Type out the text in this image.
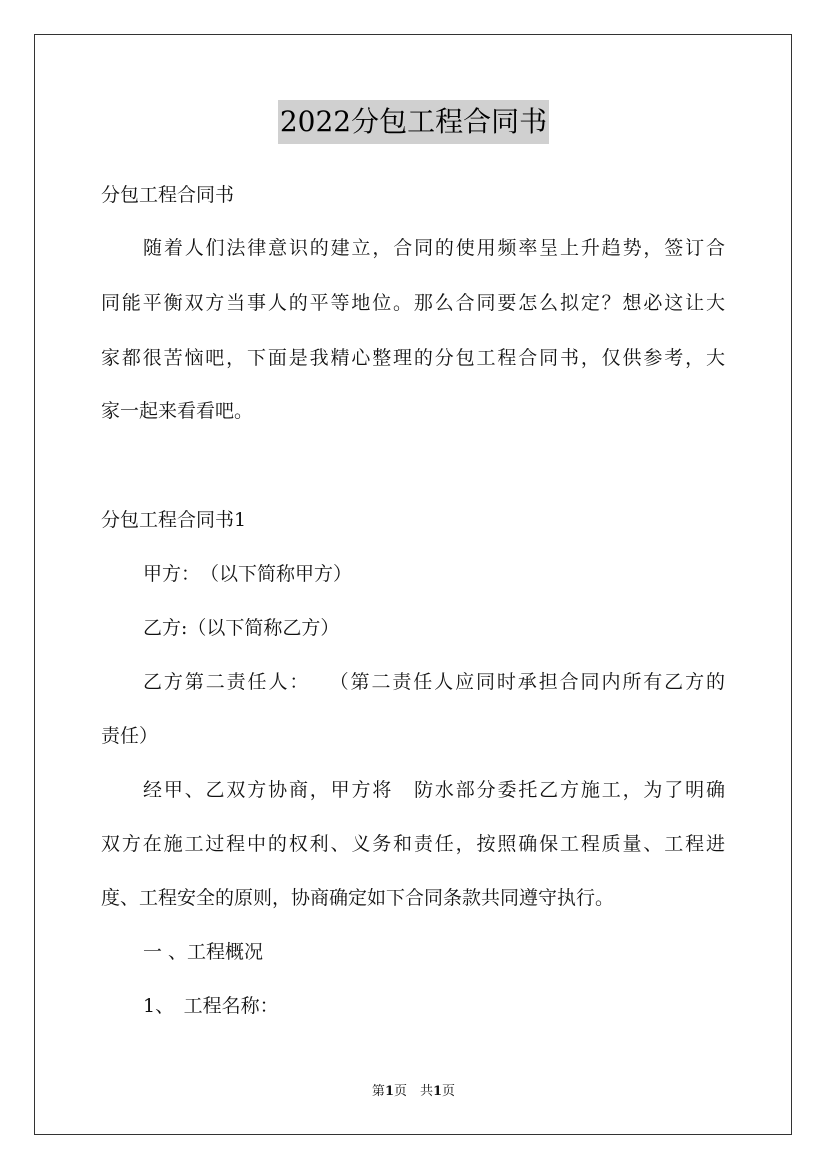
2022分包工程合同书
分包工程合同书
随着人们法律意识的建立，合同的使用频率呈上升趋势，签订合
同能平衡双方当事人的平等地位。那么合同要怎么拟定？想必这让大
家都很苦恼吧，下面是我精心整理的分包工程合同书，仅供参考，大
家一起来看看吧。
分包工程合同书1
甲方：　（以下简称甲方）
乙方:（以下简称乙方）
乙方第二责任人：　 （第二责任人应同时承担合同内所有乙方的
责任）
经甲、乙双方协商，甲方将　防水部分委托乙方施工，为了明确
双方在施工过程中的权利、义务和责任，按照确保工程质量、工程进
度、工程安全的原则，协商确定如下合同条款共同遵守执行。
一 、工程概况
1、　工程名称：
第1页　共1页
